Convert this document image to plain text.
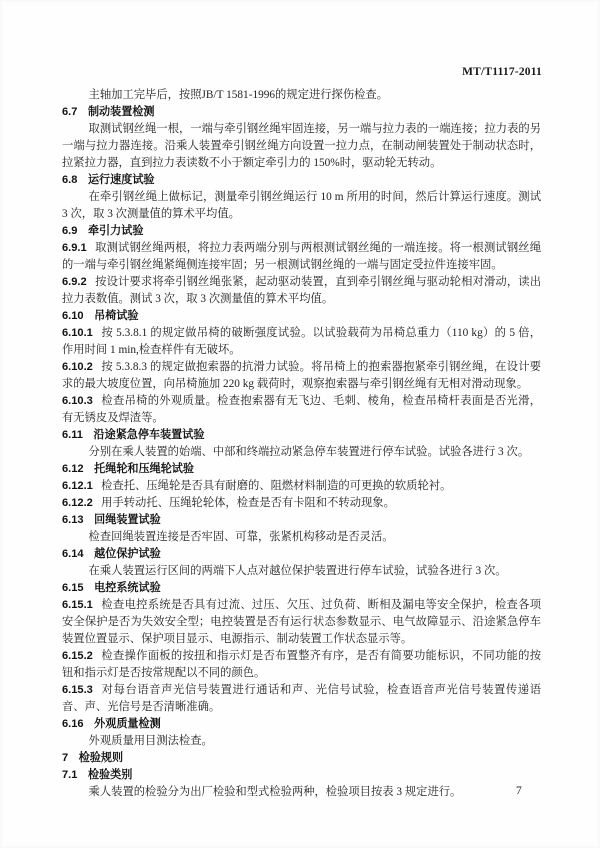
MT/T1117-2011

主轴加工完毕后，按照JB/T 1581-1996的规定进行探伤检查。

6.7 制动装置检测

取测试钢丝绳一根，一端与牵引钢丝绳牢固连接，另一端与拉力表的一端连接；拉力表的另一端与拉力器连接。沿乘人装置牵引钢丝绳方向设置一拉力点，在制动闸装置处于制动状态时，拉紧拉力器，直到拉力表读数不小于额定牵引力的 150%时，驱动轮无转动。

6.8 运行速度试验

在牵引钢丝绳上做标记，测量牵引钢丝绳运行 10 m 所用的时间，然后计算运行速度。测试 3 次，取 3 次测量值的算术平均值。

6.9 牵引力试验

6.9.1 取测试钢丝绳两根，将拉力表两端分别与两根测试钢丝绳的一端连接。将一根测试钢丝绳的一端与牵引钢丝绳紧绳侧连接牢固；另一根测试钢丝绳的一端与固定受拉件连接牢固。

6.9.2 按设计要求将牵引钢丝绳张紧，起动驱动装置，直到牵引钢丝绳与驱动轮相对滑动，读出拉力表数值。测试 3 次，取 3 次测量值的算术平均值。

6.10 吊椅试验

6.10.1 按 5.3.8.1 的规定做吊椅的破断强度试验。以试验载荷为吊椅总重力（110 kg）的 5 倍，作用时间 1 min,检查样件有无破坏。

6.10.2 按 5.3.8.3 的规定做抱索器的抗滑力试验。将吊椅上的抱索器抱紧牵引钢丝绳，在设计要求的最大坡度位置，向吊椅施加 220 kg 载荷时，观察抱索器与牵引钢丝绳有无相对滑动现象。

6.10.3 检查吊椅的外观质量。检查抱索器有无飞边、毛刺、棱角，检查吊椅杆表面是否光滑，有无锈皮及焊渣等。

6.11 沿途紧急停车装置试验

分别在乘人装置的始端、中部和终端拉动紧急停车装置进行停车试验。试验各进行 3 次。

6.12 托绳轮和压绳轮试验

6.12.1 检查托、压绳轮是否具有耐磨的、阻燃材料制造的可更换的软质轮衬。

6.12.2 用手转动托、压绳轮轮体，检查是否有卡阻和不转动现象。

6.13 回绳装置试验

检查回绳装置连接是否牢固、可靠，张紧机构移动是否灵活。

6.14 越位保护试验

在乘人装置运行区间的两端下人点对越位保护装置进行停车试验，试验各进行 3 次。

6.15 电控系统试验

6.15.1 检查电控系统是否具有过流、过压、欠压、过负荷、断相及漏电等安全保护，检查各项安全保护是否为失效安全型；电控装置是否有运行状态参数显示、电气故障显示、沿途紧急停车装置位置显示、保护项目显示、电源指示、制动装置工作状态显示等。

6.15.2 检查操作面板的按扭和指示灯是否布置整齐有序，是否有简要功能标识，不同功能的按钮和指示灯是否按常规配以不同的颜色。

6.15.3 对每台语音声光信号装置进行通话和声、光信号试验，检查语音声光信号装置传递语音、声、光信号是否清晰准确。

6.16 外观质量检测

外观质量用目测法检查。

7 检验规则

7.1 检验类别

乘人装置的检验分为出厂检验和型式检验两种，检验项目按表 3 规定进行。	7
